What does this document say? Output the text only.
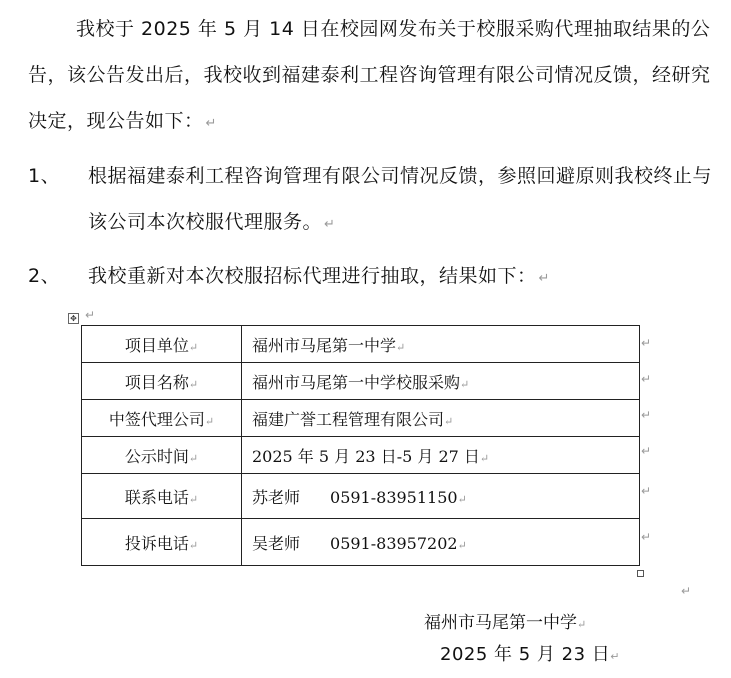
我校于 2025 年 5 月 14 日在校园网发布关于校服采购代理抽取结果的公告，该公告发出后，我校收到福建泰利工程咨询管理有限公司情况反馈，经研究决定，现公告如下： ↵
1、 根据福建泰利工程咨询管理有限公司情况反馈，参照回避原则我校终止与该公司本次校服代理服务。 ↵
2、 我校重新对本次校服招标代理进行抽取，结果如下： ↵
✥ ↵
项目单位↵	福州市马尾第一中学↵
项目名称↵	福州市马尾第一中学校服采购↵
中签代理公司↵	福建广誉工程管理有限公司↵
公示时间↵	2025 年 5 月 23 日-5 月 27 日↵
联系电话↵	苏老师 0591-83951150↵
投诉电话↵	吴老师 0591-83957202↵
↵
↵
↵
↵
↵
↵
↵
福州市马尾第一中学↵
2025 年 5 月 23 日↵
